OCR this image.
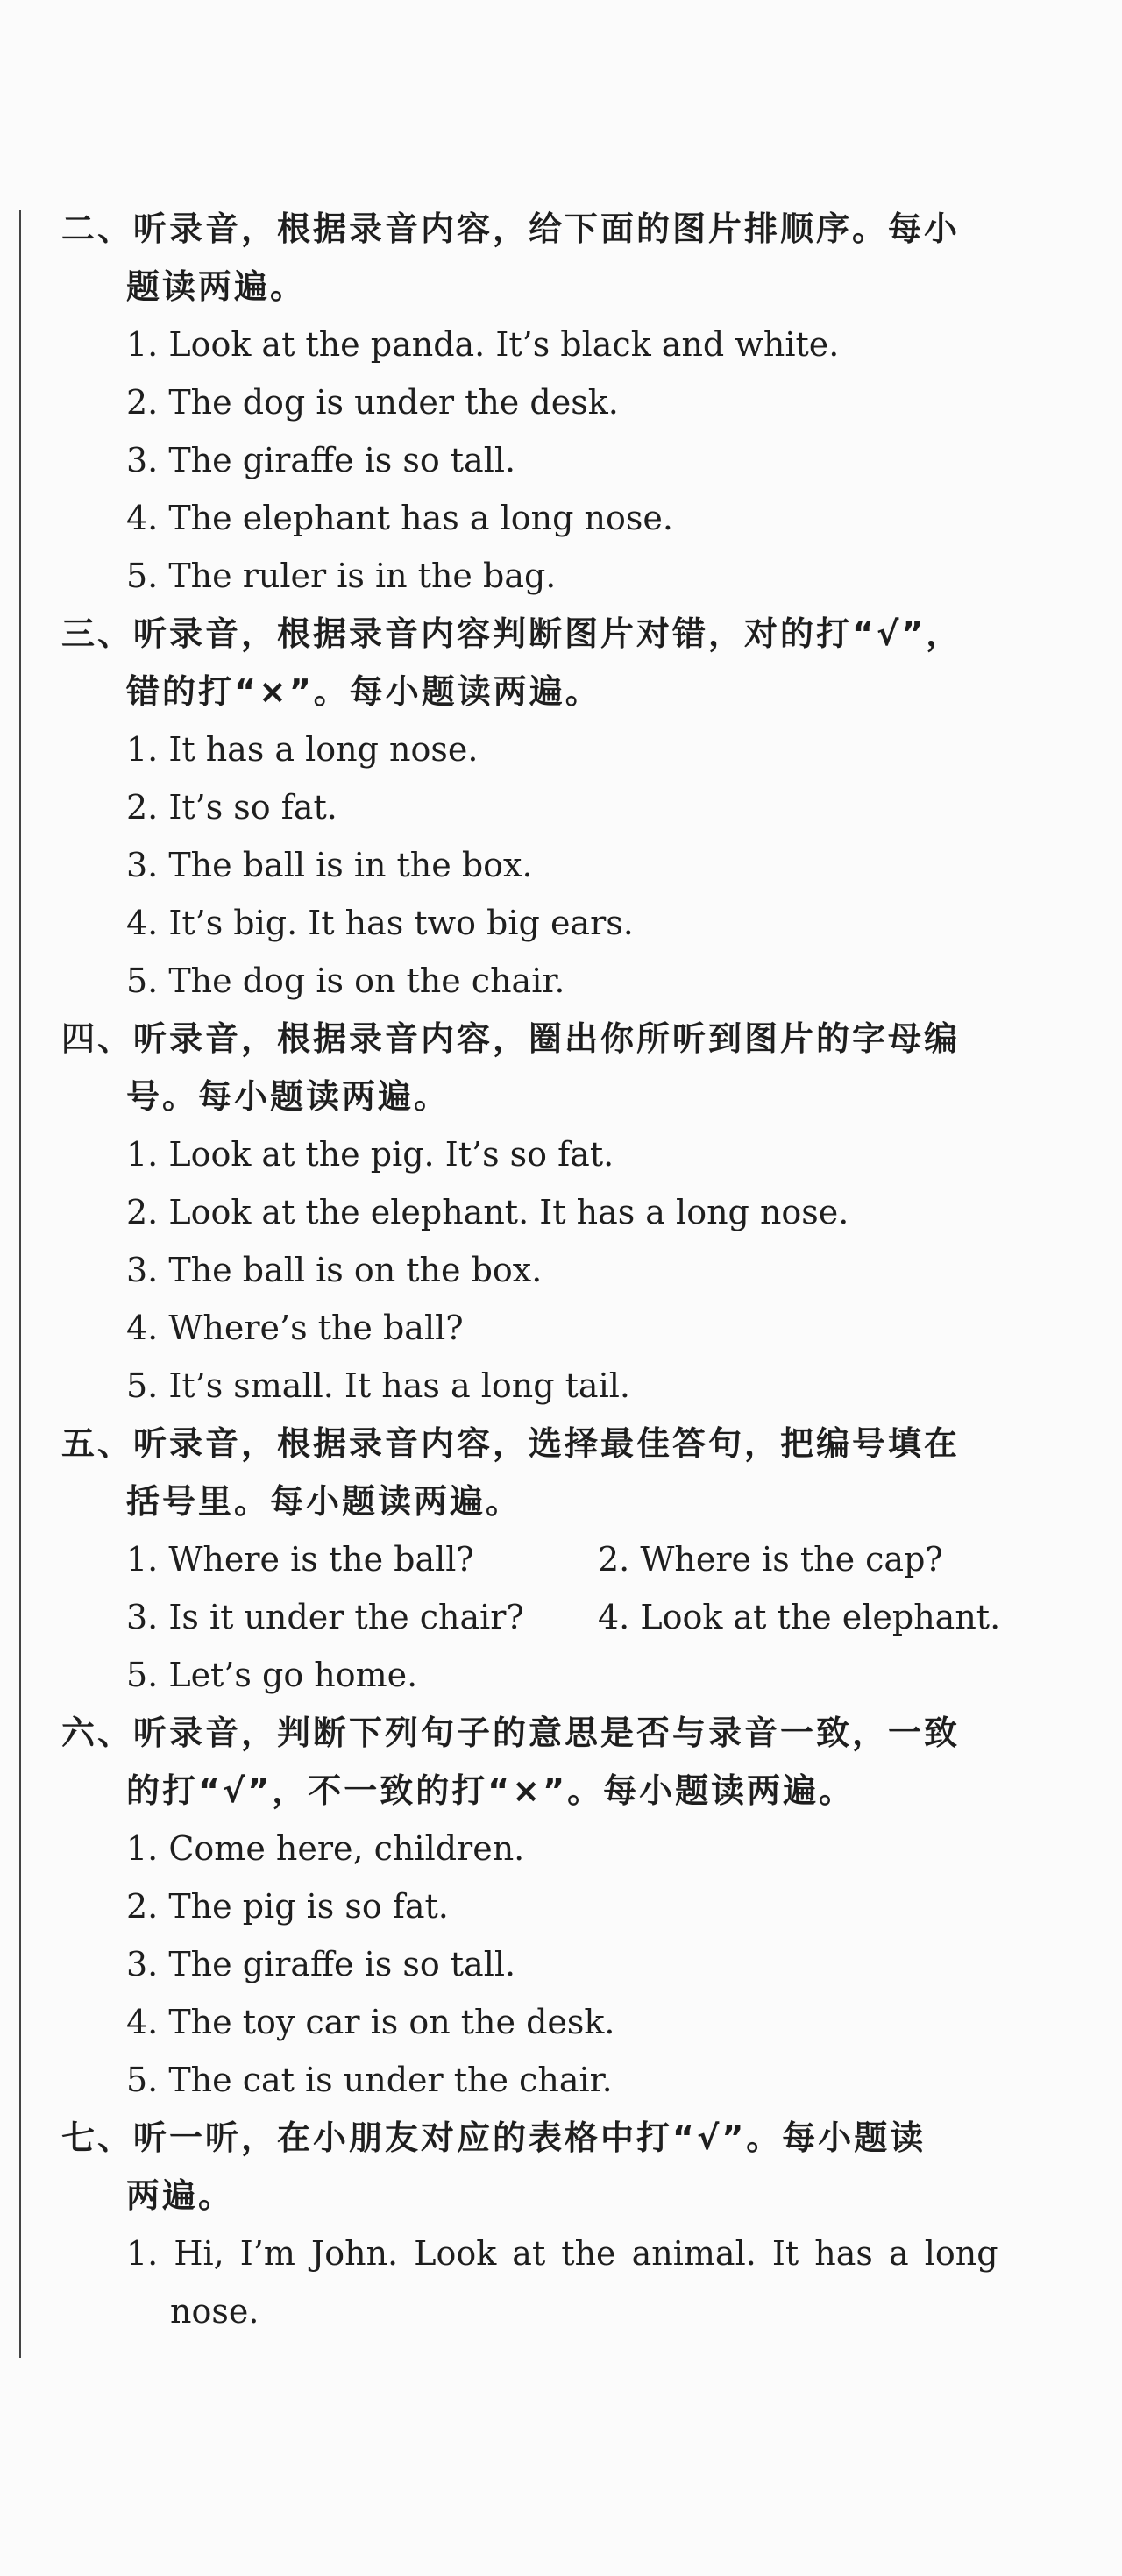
二、听录音，根据录音内容，给下面的图片排顺序。每小
题读两遍。

1. Look at the panda. It’s black and white.

2. The dog is under the desk.

3. The giraffe is so tall.

4. The elephant has a long nose.

5. The ruler is in the bag.

三、听录音，根据录音内容判断图片对错，对的打“√”，
错的打“×”。每小题读两遍。

1. It has a long nose.

2. It’s so fat.

3. The ball is in the box.

4. It’s big. It has two big ears.

5. The dog is on the chair.

四、听录音，根据录音内容，圈出你所听到图片的字母编
号。每小题读两遍。

1. Look at the pig. It’s so fat.

2. Look at the elephant. It has a long nose.

3. The ball is on the box.

4. Where’s the ball?

5. It’s small. It has a long tail.

五、听录音，根据录音内容，选择最佳答句，把编号填在
括号里。每小题读两遍。

1. Where is the ball?	2. Where is the cap?
3. Is it under the chair?	4. Look at the elephant.

5. Let’s go home.

六、听录音，判断下列句子的意思是否与录音一致，一致
的打“√”，不一致的打“×”。每小题读两遍。

1. Come here, children.

2. The pig is so fat.

3. The giraffe is so tall.

4. The toy car is on the desk.

5. The cat is under the chair.

七、听一听，在小朋友对应的表格中打“√”。每小题读
两遍。

1. Hi, I’m John. Look at the animal. It has a long
nose.
